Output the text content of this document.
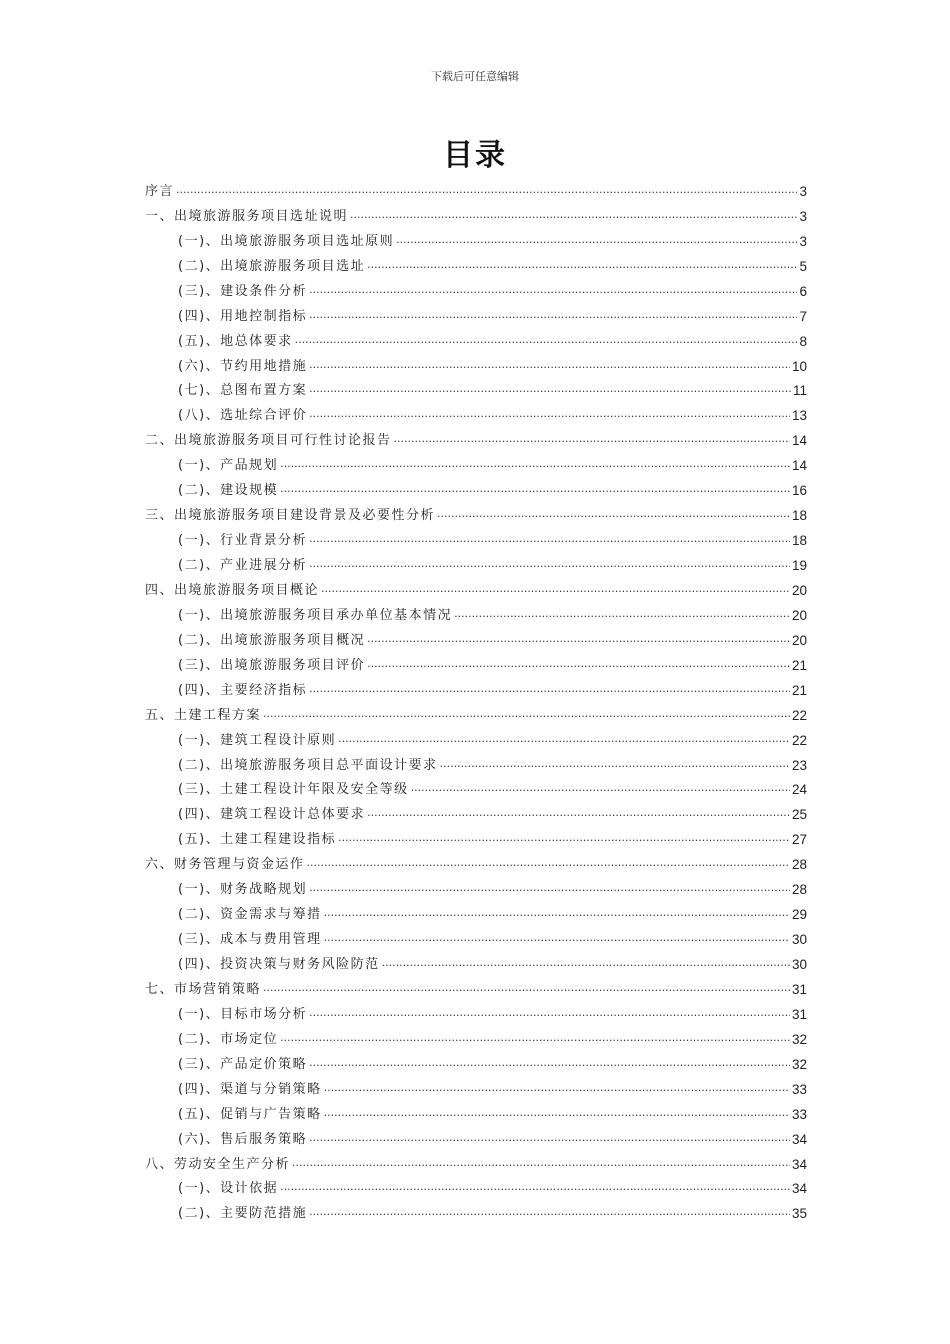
下载后可任意编辑
目录
序言 .....	3
一、出境旅游服务项目选址说明 .....	3
(一)、出境旅游服务项目选址原则 .....	3
(二)、出境旅游服务项目选址 .....	5
(三)、建设条件分析 .....	6
(四)、用地控制指标 .....	7
(五)、地总体要求 .....	8
(六)、节约用地措施 .....	10
(七)、总图布置方案 .....	11
(八)、选址综合评价 .....	13
二、出境旅游服务项目可行性讨论报告 .....	14
(一)、产品规划 .....	14
(二)、建设规模 .....	16
三、出境旅游服务项目建设背景及必要性分析 .....	18
(一)、行业背景分析 .....	18
(二)、产业进展分析 .....	19
四、出境旅游服务项目概论 .....	20
(一)、出境旅游服务项目承办单位基本情况 .....	20
(二)、出境旅游服务项目概况 .....	20
(三)、出境旅游服务项目评价 .....	21
(四)、主要经济指标 .....	21
五、土建工程方案 .....	22
(一)、建筑工程设计原则 .....	22
(二)、出境旅游服务项目总平面设计要求 .....	23
(三)、土建工程设计年限及安全等级 .....	24
(四)、建筑工程设计总体要求 .....	25
(五)、土建工程建设指标 .....	27
六、财务管理与资金运作 .....	28
(一)、财务战略规划 .....	28
(二)、资金需求与筹措 .....	29
(三)、成本与费用管理 .....	30
(四)、投资决策与财务风险防范 .....	30
七、市场营销策略 .....	31
(一)、目标市场分析 .....	31
(二)、市场定位 .....	32
(三)、产品定价策略 .....	32
(四)、渠道与分销策略 .....	33
(五)、促销与广告策略 .....	33
(六)、售后服务策略 .....	34
八、劳动安全生产分析 .....	34
(一)、设计依据 .....	34
(二)、主要防范措施 .....	35
